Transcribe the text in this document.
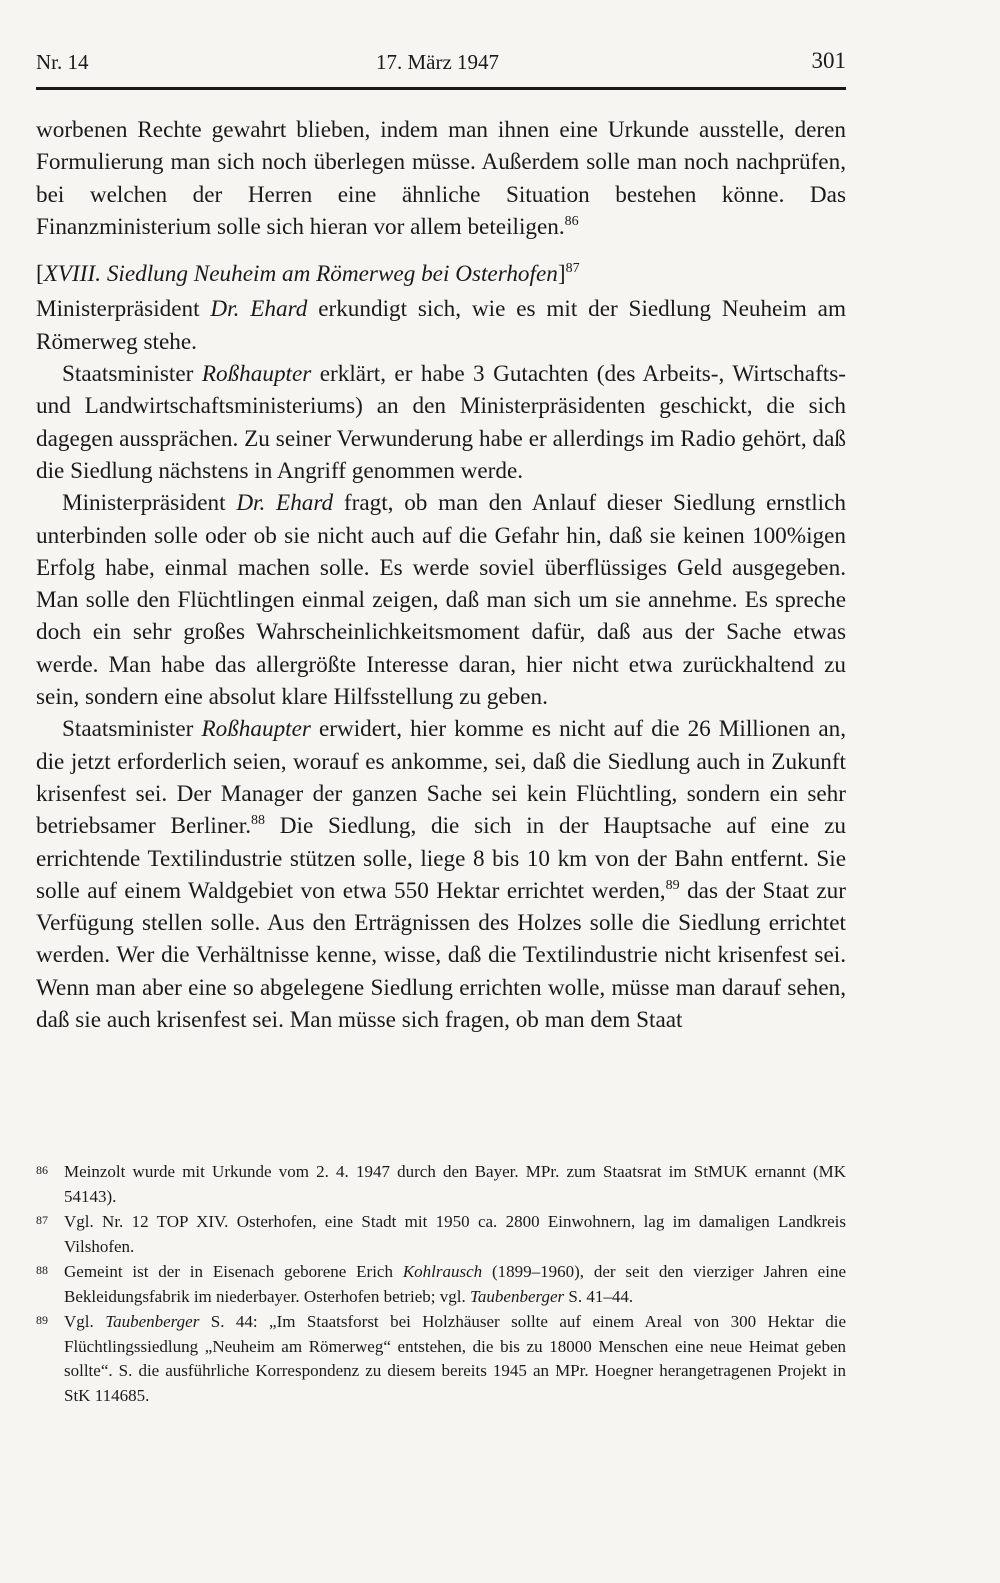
Nr. 14	17. März 1947	301

worbenen Rechte gewahrt blieben, indem man ihnen eine Urkunde ausstelle, deren Formulierung man sich noch überlegen müsse. Außerdem solle man noch nachprüfen, bei welchen der Herren eine ähnliche Situation bestehen könne. Das Finanzministerium solle sich hieran vor allem beteiligen.$^{86}$

[XVIII. Siedlung Neuheim am Römerweg bei Osterhofen]$^{87}$

Ministerpräsident Dr. Ehard erkundigt sich, wie es mit der Siedlung Neuheim am Römerweg stehe.

Staatsminister Roßhaupter erklärt, er habe 3 Gutachten (des Arbeits-, Wirtschafts- und Landwirtschaftsministeriums) an den Ministerpräsidenten geschickt, die sich dagegen aussprächen. Zu seiner Verwunderung habe er allerdings im Radio gehört, daß die Siedlung nächstens in Angriff genommen werde.

Ministerpräsident Dr. Ehard fragt, ob man den Anlauf dieser Siedlung ernstlich unterbinden solle oder ob sie nicht auch auf die Gefahr hin, daß sie keinen 100%igen Erfolg habe, einmal machen solle. Es werde soviel überflüssiges Geld ausgegeben. Man solle den Flüchtlingen einmal zeigen, daß man sich um sie annehme. Es spreche doch ein sehr großes Wahrscheinlichkeitsmoment dafür, daß aus der Sache etwas werde. Man habe das allergrößte Interesse daran, hier nicht etwa zurückhaltend zu sein, sondern eine absolut klare Hilfsstellung zu geben.

Staatsminister Roßhaupter erwidert, hier komme es nicht auf die 26 Millionen an, die jetzt erforderlich seien, worauf es ankomme, sei, daß die Siedlung auch in Zukunft krisenfest sei. Der Manager der ganzen Sache sei kein Flüchtling, sondern ein sehr betriebsamer Berliner.$^{88}$ Die Siedlung, die sich in der Hauptsache auf eine zu errichtende Textilindustrie stützen solle, liege 8 bis 10 km von der Bahn entfernt. Sie solle auf einem Waldgebiet von etwa 550 Hektar errichtet werden,$^{89}$ das der Staat zur Verfügung stellen solle. Aus den Erträgnissen des Holzes solle die Siedlung errichtet werden. Wer die Verhältnisse kenne, wisse, daß die Textilindustrie nicht krisenfest sei. Wenn man aber eine so abgelegene Siedlung errichten wolle, müsse man darauf sehen, daß sie auch krisenfest sei. Man müsse sich fragen, ob man dem Staat

86 Meinzolt wurde mit Urkunde vom 2. 4. 1947 durch den Bayer. MPr. zum Staatsrat im StMUK ernannt (MK 54143).

87 Vgl. Nr. 12 TOP XIV. Osterhofen, eine Stadt mit 1950 ca. 2800 Einwohnern, lag im damaligen Landkreis Vilshofen.

88 Gemeint ist der in Eisenach geborene Erich Kohlrausch (1899–1960), der seit den vierziger Jahren eine Bekleidungsfabrik im niederbayer. Osterhofen betrieb; vgl. Taubenberger S. 41–44.

89 Vgl. Taubenberger S. 44: „Im Staatsforst bei Holzhäuser sollte auf einem Areal von 300 Hektar die Flüchtlingssiedlung „Neuheim am Römerweg“ entstehen, die bis zu 18000 Menschen eine neue Heimat geben sollte“. S. die ausführliche Korrespondenz zu diesem bereits 1945 an MPr. Hoegner herangetragenen Projekt in StK 114685.
